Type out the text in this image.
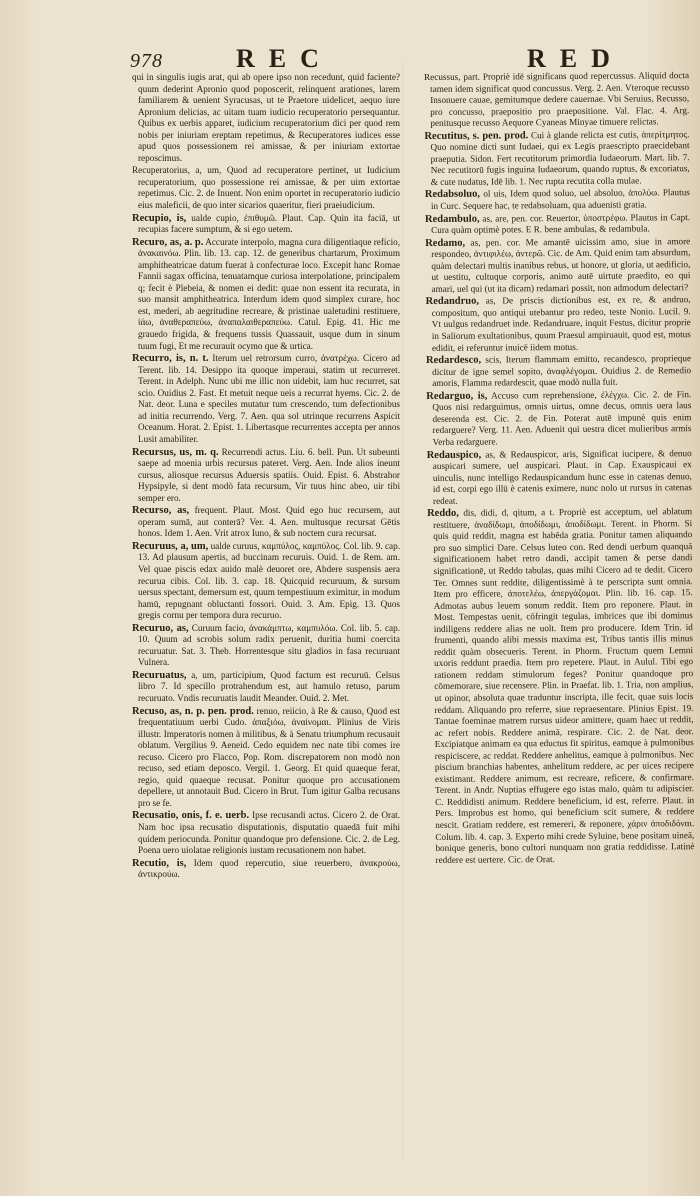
978	REC	RED

qui in singulis iugis arat, qui ab opere ipso non recedunt, quid faciente? quum dederint Apronio quod poposcerit, relinquent arationes, larem familiarem & uenient Syracusas, ut te Praetore uidelicet, aequo iure Apronium delicias, ac uitam tuam iudicio recuperatorio persequantur. Quibus ex uerbis apparet, iudicium recuperatorium dici per quod rem nobis per iniuriam ereptam repetimus, & Recuperatores iudices esse apud quos possessionem rei amissae, & per iniuriam extortae reposcimus.

Recuperatorius, a, um, Quod ad recuperatore pertinet, ut Iudicium recuperatorium, quo possessione rei amissae, & per uim extortae repetimus. Cic. 2. de Inuent. Non enim oportet in recuperatorio iudicio eius maleficii, de quo inter sicarios quaeritur, fieri praeiudicium.

Recupio, is, ualde cupio, ἐπιθυμῶ. Plaut. Cap. Quin ita faciā, ut recupias facere sumptum, & si ego uetem.

Recuro, as, a. p. Accurate interpolo, magna cura diligentiaque reficio, ἀνακαινόω. Plin. lib. 13. cap. 12. de generibus chartarum, Proximum amphitheatricae datum fuerat à confecturae loco. Excepit hanc Romae Fannii sagax officina, tenuatamque curiosa interpolatione, principalem q; fecit è Plebeia, & nomen ei dedit: quae non essent ita recurata, in suo mansit amphitheatrica. Interdum idem quod simplex curare, hoc est, mederi, ab aegritudine recreare, & pristinae ualetudini restituere, ἰάω, ἀναθεραπεύω, ἀναπαλαιθεραπεύω. Catul. Epig. 41. Hic me grauedo frigida, & frequens tussis Quassauit, usque dum in sinum tuum fugi, Et me recurauit ocymo que & urtica.

Recurro, is, n. t. Iterum uel retrorsum curro, ἀνατρέχω. Cicero ad Terent. lib. 14. Desippo ita quoque imperaui, statim ut recurreret. Terent. in Adelph. Nunc ubi me illic non uidebit, iam huc recurret, sat scio. Ouidius 2. Fast. Et metuit neque ueis a recurrat hyems. Cic. 2. de Nat. deor. Luna e speciles mutatur tum crescendo, tum defectionibus ad initia recurrendo. Verg. 7. Aen. qua sol utrinque recurrens Aspicit Oceanum. Horat. 2. Epist. 1. Libertasque recurrentes accepta per annos Lusit amabiliter.

Recursus, us, m. q. Recurrendi actus. Liu. 6. bell. Pun. Ut subeunti saepe ad moenia urbis recursus pateret. Verg. Aen. Inde alios ineunt cursus, aliosque recursus Aduersis spatiis. Ouid. Epist. 6. Abstrahor Hypsipyle, si dent modò fata recursum, Vir tuus hinc abeo, uir tibi semper ero.

Recurso, as, frequent. Plaut. Most. Quid ego huc recursem, aut operam sumā, aut conterā? Ver. 4. Aen. multusque recursat Gētis honos. Idem 1. Aen. Vrit atrox Iuno, & sub noctem cura recursat.

Recuruus, a, um, ualde curuus, καμπύλος, καμπύλος. Col. lib. 9. cap. 13. Ad plausum apertis, ad buccinam recuruis. Ouid. 1. de Rem. am. Vel quae piscis edax auido malè deuoret ore, Abdere suspensis aera recurua cibis. Col. lib. 3. cap. 18. Quicquid recuruum, & sursum uersus spectant, demersum est, quum tempestiuum eximitur, in modum hamū, repugnant obluctanti fossori. Ouid. 3. Am. Epig. 13. Quos gregis cornu per tempora dura recuruo.

Recuruo, as, Curuum facio, ἀνακάμπτω, καμπυλόω. Col. lib. 5. cap. 10. Quum ad scrobis solum radix peruenit, duritia humi coercita recuruatur. Sat. 3. Theb. Horrentesque situ gladios in fasa recuruant Vulnera.

Recuruatus, a, um, participium, Quod factum est recuruū. Celsus libro 7. Id specillo protrahendum est, aut hamulo retuso, parum recuruato. Vndis recuruatis laudit Meander. Ouid. 2. Met.

Recuso, as, n. p. pen. prod. renuo, reiicio, à Re & causo, Quod est frequentatiuum uerbi Cudo. ἀπαξιόω, ἀναίνομαι. Plinius de Viris illustr. Imperatoris nomen à militibus, & à Senatu triumphum recusauit oblatum. Vergilius 9. Aeneid. Cedo equidem nec nate tibi comes ire recuso. Cicero pro Flacco, Pop. Rom. discrepatorem non modò non recuso, sed etiam deposco. Vergil. 1. Georg. Et quid quaeque ferat, regio, quid quaeque recusat. Ponitur quoque pro accusationem depellere, ut annotauit Bud. Cicero in Brut. Tum igitur Galba recusans pro se fe.

Recusatio, onis, f. e. uerb. Ipse recusandi actus. Cicero 2. de Orat. Nam hoc ipsa recusatio disputationis, disputatio quaedā fuit mihi quidem periocunda. Ponitur quandoque pro defensione. Cic. 2. de Leg. Poena uero uiolatae religionis iustam recusationem non habet.

Recutio, is, Idem quod repercutio, siue reuerbero, ἀνακρούω, ἀντικρούω.

Recussus, part. Propriè idē significans quod repercussus. Aliquid docta tamen idem significat quod concussus. Verg. 2. Aen. Vteroque recusso Insonuere cauae, gemitumque dedere cauernae. Vbi Seruius, Recusso, pro concusso, praepositio pro praepositione. Val. Flac. 4. Arg. penitusque recusso Aequore Cyaneas Minyae timuere relictas.

Recutitus, s. pen. prod. Cui à glande relicta est cutis, ἀπερίτμητος. Quo nomine dicti sunt Iudaei, qui ex Legis praescripto praecidebant praeputia. Sidon. Fert recutitorum primordia Iudaeorum. Mart. lib. 7. Nec recutitorū fugis inguina Iudaeorum, quando ruptus, & excoriatus, & cute nudatus, Idē lib. 1. Nec rupta recutita colla mulae.

Redabsoluo, ol uis, Idem quod soluo, uel absoluo, ἀπολύω. Plautus in Curc. Sequere hac, te redabsoluam, qua aduenisti gratia.

Redambulo, as, are, pen. cor. Reuertor, ὑποστρέφω. Plautus in Capt. Cura quàm optimè potes. E R. bene ambulas, & redambula.

Redamo, as, pen. cor. Me amantē uicissim amo, siue in amore respondeo, ἀντιφιλέω, ἀντερῶ. Cic. de Am. Quid enim tam absurdum, quàm delectari multis inanibus rebus, ut honore, ut gloria, ut aedificio, ut uestitu, cultuque corporis, animo autē uirtute praedito, eo qui amari, uel qui (ut ita dicam) redamari possit, non admodum delectari?

Redandruo, as, De priscis dictionibus est, ex re, & andruo, compositum, quo antiqui utebantur pro redeo, teste Nonio. Lucil. 9. Vt uulgus redandruet inde. Redandruare, inquit Festus, dicitur proprie in Saliorum exultationibus, quum Praesul ampiruauit, quod est, motus edidit, ei referuntur inuicē iidem motus.

Redardesco, scis, Iterum flammam emitto, recandesco, proprieque dicitur de igne semel sopito, ἀναφλέγομαι. Ouidius 2. de Remedio amoris, Flamma redardescit, quae modò nulla fuit.

Redarguo, is, Accuso cum reprehensione, ἐλέγχω. Cic. 2. de Fin. Quos nisi redarguimus, omnis uirtus, omne decus, omnis uera laus deserenda est. Cic. 2. de Fin. Poterat autē impunè quis enim redarguere? Verg. 11. Aen. Aduenit qui uestra dicet mulieribus armis Verba redarguere.

Redauspico, as, & Redauspicor, aris, Significat iucipere, & denuo auspicari sumere, uel auspicari. Plaut. in Cap. Exauspicaui ex uinculis, nunc intelligo Redauspicandum hunc esse in catenas denuo, id est, corpi ego illū è catenis eximere, nunc nolo ut rursus in catenas redeat.

Reddo, dis, didi, d, qitum, a t. Propriè est acceptum, uel ablatum restituere, ἀναδίδωμι, ἀποδίδωμι, ἀποδίδωμι. Terent. in Phorm. Si quis quid reddit, magna est habēda gratia. Ponitur tamen aliquando pro suo simplici Dare. Celsus luteo con. Red dendi uerbum quanquā significationem habet retro dandi, accipit tamen & perse dandi significationē, ut Reddo tabulas, quas mihi Cicero ad te dedit. Cicero Ter. Omnes sunt reddite, diligentissimè à te perscripta sunt omnia. Item pro efficere, ἀποτελέω, ἀπεργάζομαι. Plin. lib. 16. cap. 15. Admotas aubus leuem sonum reddit. Item pro reponere. Plaut. in Most. Tempestas uenit, cōfringit tegulas, imbrices que ibi dominus indiligens reddere alias ne uolt. Item pro producere. Idem Trin. id frumenti, quando alibi messis maxima est, Tribus tantis illis minus reddit quàm obsecueris. Terent. in Phorm. Fructum quem Lemni uxoris reddunt praedia. Item pro repetere. Plaut. in Aulul. Tibi ego rationem reddam stimulorum feges? Ponitur quandoque pro cōmemorare, siue recensere. Plin. in Praefat. lib. 1. Tria, non amplius, ut opinor, absoluta quae traduntur inscripta, ille fecit, quae suis locis reddam. Aliquando pro referre, siue repraesentare. Plinius Epist. 19. Tantae foeminae matrem rursus uideor amittere, quam haec ut reddit, ac refert nobis. Reddere animā, respirare. Cic. 2. de Nat. deor. Excipiatque animam ea qua eductus fit spiritus, eamque à pulmonibus respiciscere, ac reddat. Reddere anhelitus, eamque à pulmonibus. Nec piscium branchias habentes, anhelitum reddere, ac per uices recipere existimant. Reddere animum, est recreare, reficere, & confirmare. Terent. in Andr. Nuptias effugere ego istas malo, quàm tu adipiscier. C. Reddidisti animum. Reddere beneficium, id est, referre. Plaut. in Pers. Improbus est homo, qui beneficium scit sumere, & reddere nescit. Gratiam reddere, est remereri, & reponere, χάριν ἀποδιδόναι. Colum. lib. 4. cap. 3. Experto mihi crede Syluine, bene positam uineā, bonique generis, bono cultori nunquam non gratia reddidisse. Latinè reddere est uertere. Cic. de Orat.
